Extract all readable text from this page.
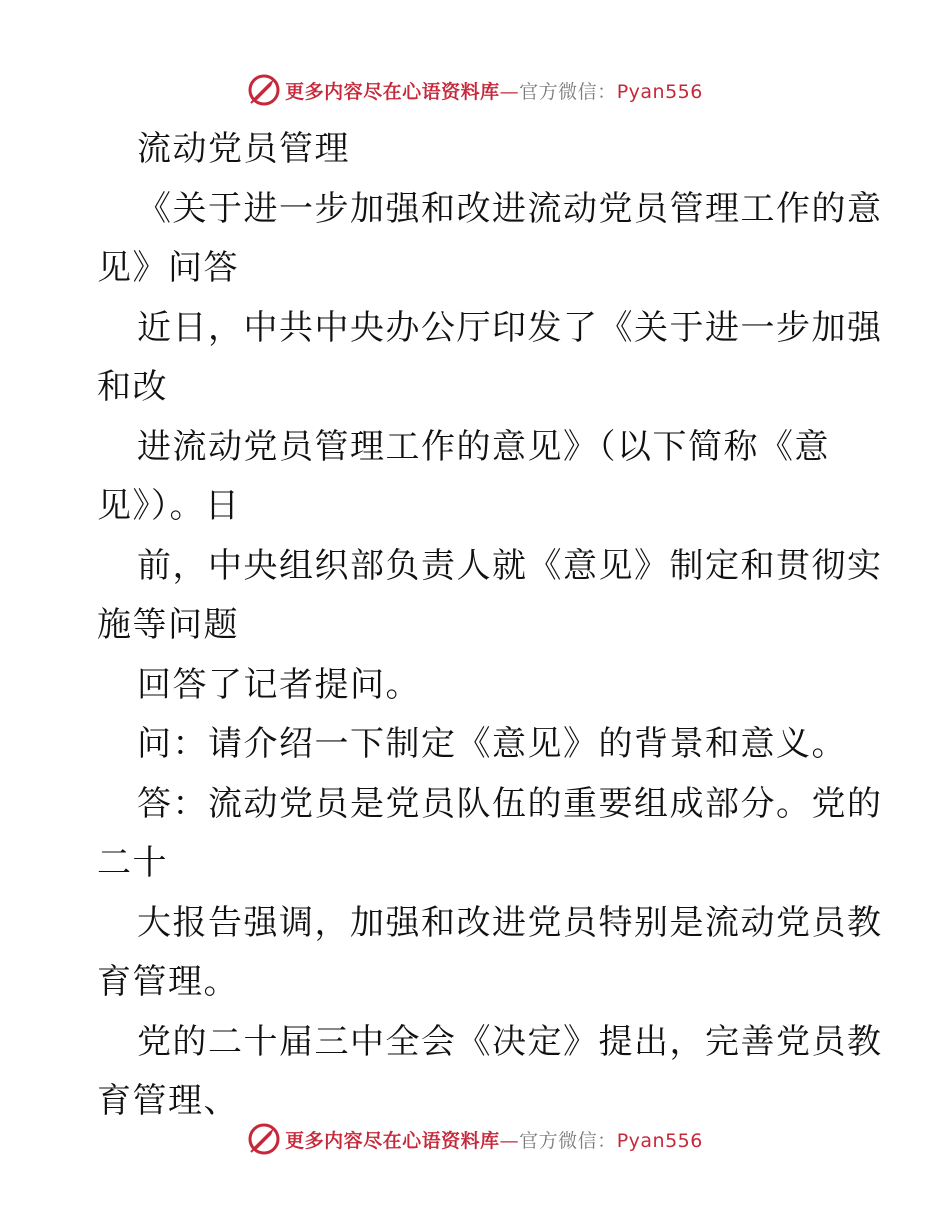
更多内容尽在心语资料库—官方微信：Pyan556

流动党员管理

《关于进一步加强和改进流动党员管理工作的意

见》问答

近日，中共中央办公厅印发了《关于进一步加强

和改

进流动党员管理工作的意见》（以下简称《意

见》）。日

前，中央组织部负责人就《意见》制定和贯彻实

施等问题

回答了记者提问。

问：请介绍一下制定《意见》的背景和意义。

答：流动党员是党员队伍的重要组成部分。党的

二十

大报告强调，加强和改进党员特别是流动党员教

育管理。

党的二十届三中全会《决定》提出，完善党员教

育管理、

更多内容尽在心语资料库—官方微信：Pyan556
